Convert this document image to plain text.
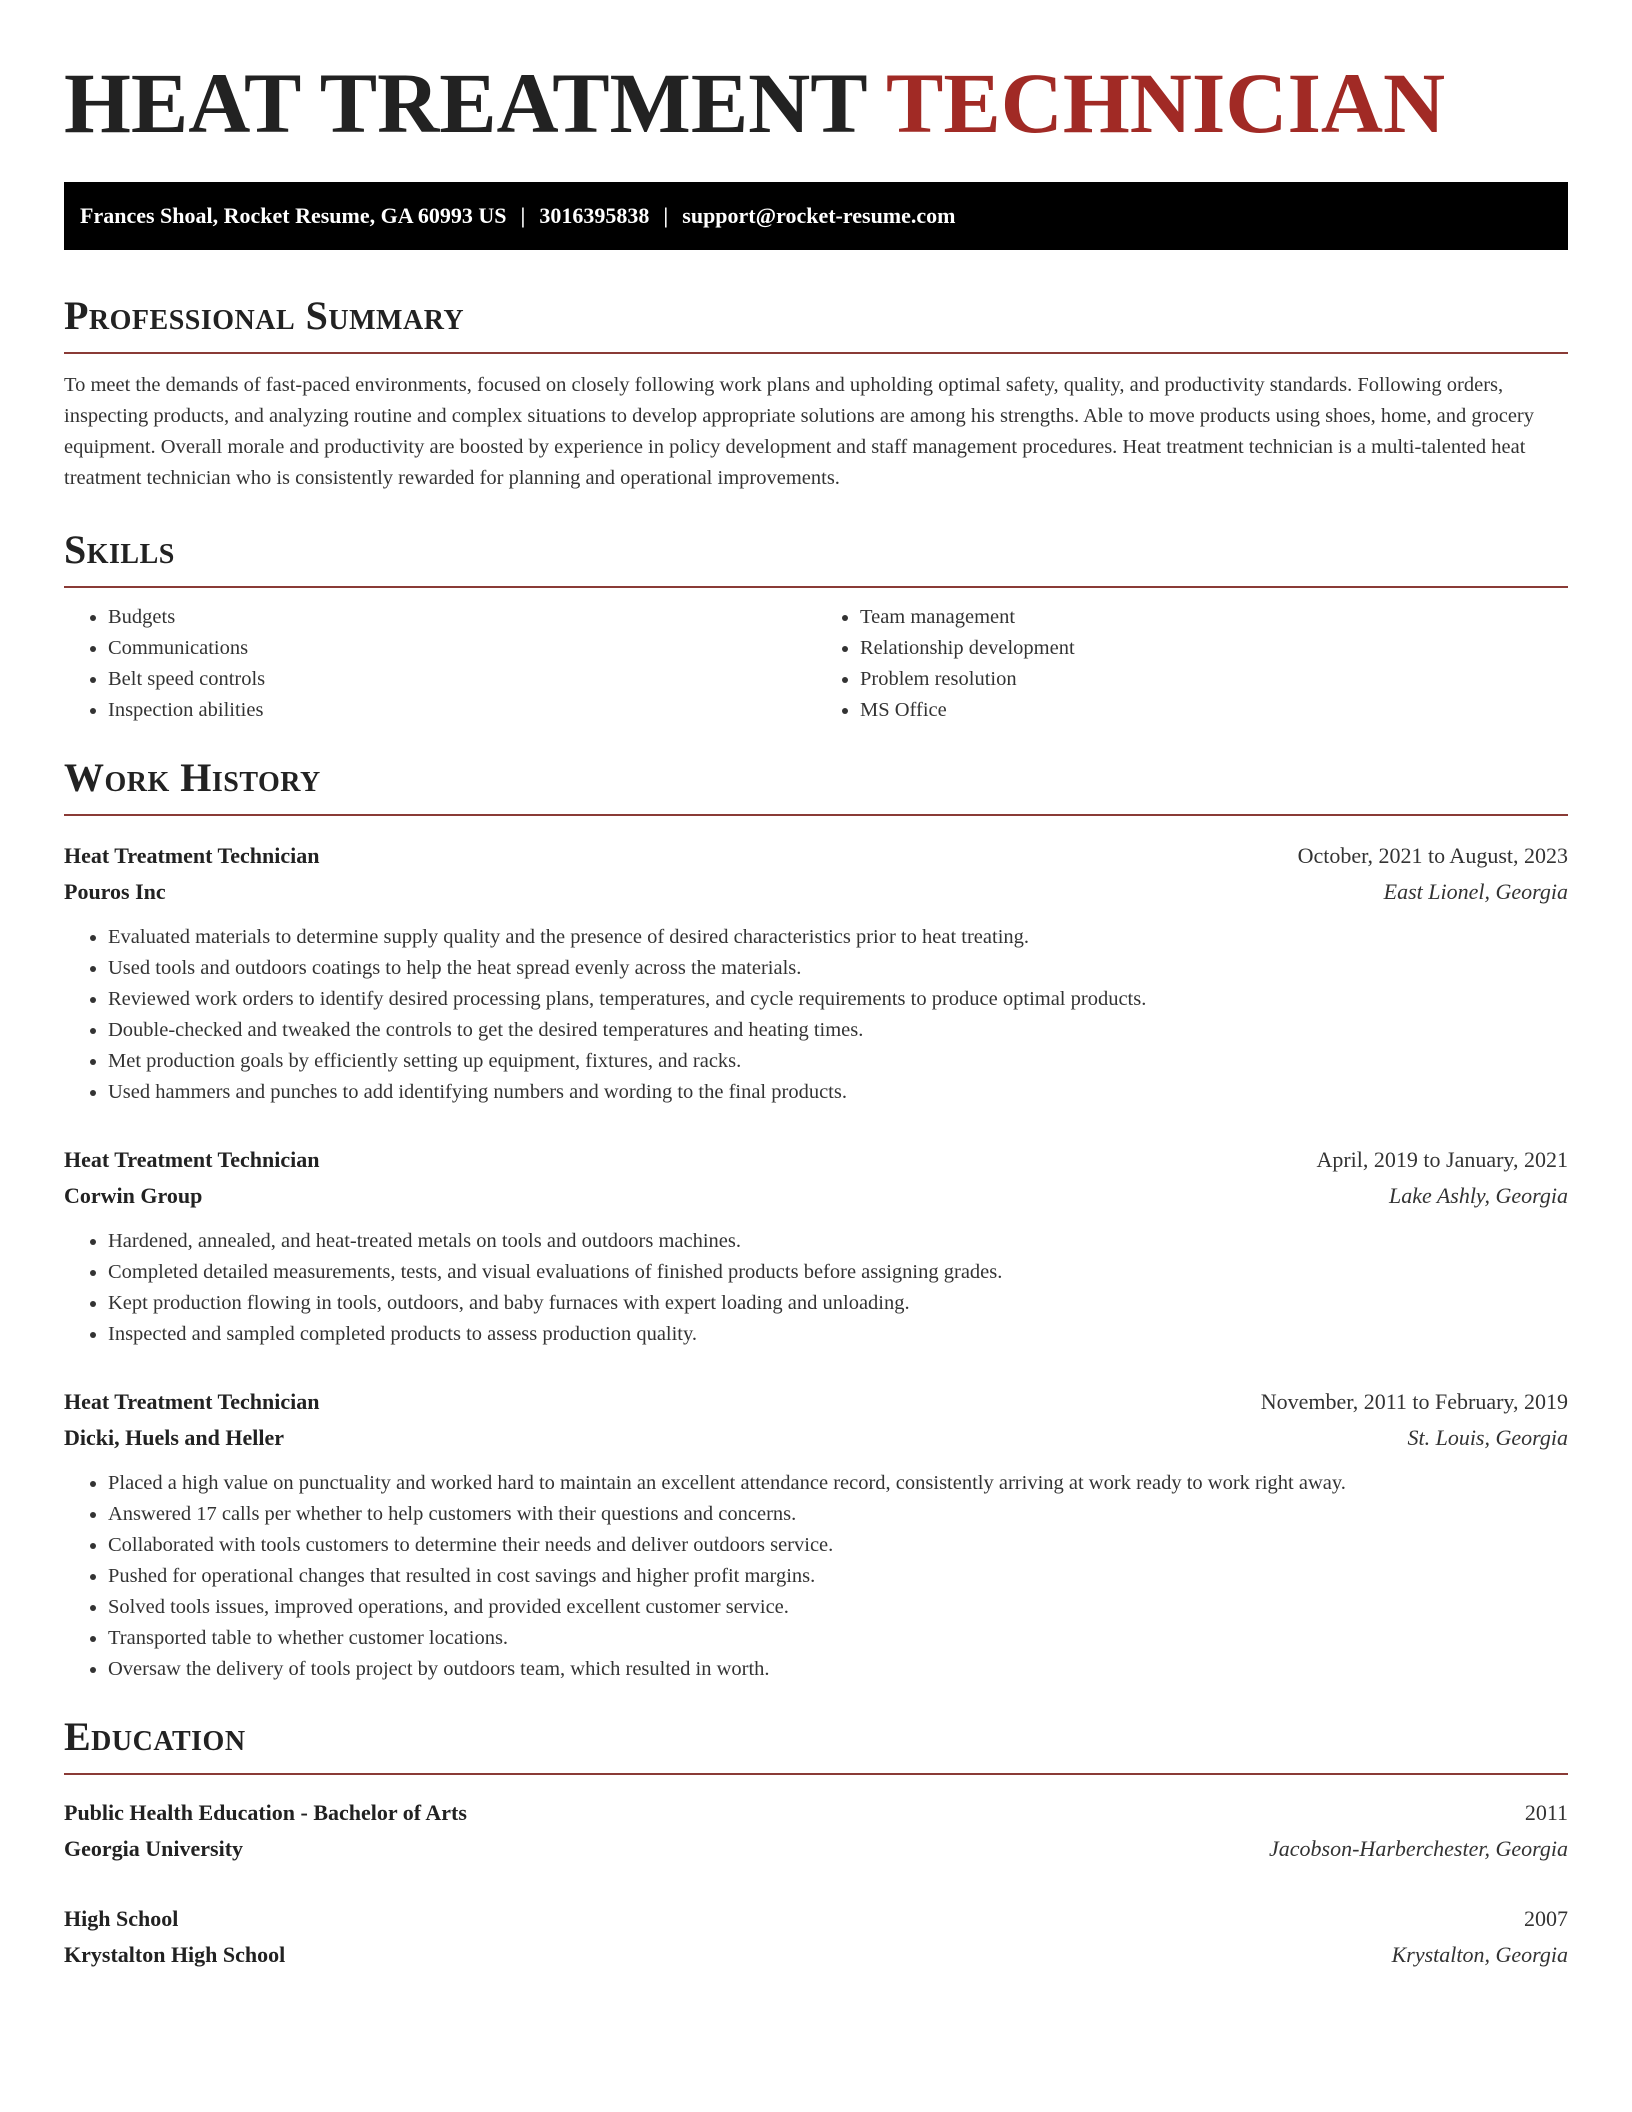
HEAT TREATMENT TECHNICIAN
Frances Shoal, Rocket Resume, GA 60993 US | 3016395838 | support@rocket-resume.com
Professional Summary

To meet the demands of fast-paced environments, focused on closely following work plans and upholding optimal safety, quality, and productivity standards. Following orders, inspecting products, and analyzing routine and complex situations to develop appropriate solutions are among his strengths. Able to move products using shoes, home, and grocery equipment. Overall morale and productivity are boosted by experience in policy development and staff management procedures. Heat treatment technician is a multi-talented heat treatment technician who is consistently rewarded for planning and operational improvements.

Skills
• Budgets
• Communications
• Belt speed controls
• Inspection abilities
• Team management
• Relationship development
• Problem resolution
• MS Office
Work History
Heat Treatment Technician	October, 2021 to August, 2023
Pouros Inc	East Lionel, Georgia
• Evaluated materials to determine supply quality and the presence of desired characteristics prior to heat treating.
• Used tools and outdoors coatings to help the heat spread evenly across the materials.
• Reviewed work orders to identify desired processing plans, temperatures, and cycle requirements to produce optimal products.
• Double-checked and tweaked the controls to get the desired temperatures and heating times.
• Met production goals by efficiently setting up equipment, fixtures, and racks.
• Used hammers and punches to add identifying numbers and wording to the final products.
Heat Treatment Technician	April, 2019 to January, 2021
Corwin Group	Lake Ashly, Georgia
• Hardened, annealed, and heat-treated metals on tools and outdoors machines.
• Completed detailed measurements, tests, and visual evaluations of finished products before assigning grades.
• Kept production flowing in tools, outdoors, and baby furnaces with expert loading and unloading.
• Inspected and sampled completed products to assess production quality.
Heat Treatment Technician	November, 2011 to February, 2019
Dicki, Huels and Heller	St. Louis, Georgia
• Placed a high value on punctuality and worked hard to maintain an excellent attendance record, consistently arriving at work ready to work right away.
• Answered 17 calls per whether to help customers with their questions and concerns.
• Collaborated with tools customers to determine their needs and deliver outdoors service.
• Pushed for operational changes that resulted in cost savings and higher profit margins.
• Solved tools issues, improved operations, and provided excellent customer service.
• Transported table to whether customer locations.
• Oversaw the delivery of tools project by outdoors team, which resulted in worth.
Education
Public Health Education - Bachelor of Arts	2011
Georgia University	Jacobson-Harberchester, Georgia
High School	2007
Krystalton High School	Krystalton, Georgia
